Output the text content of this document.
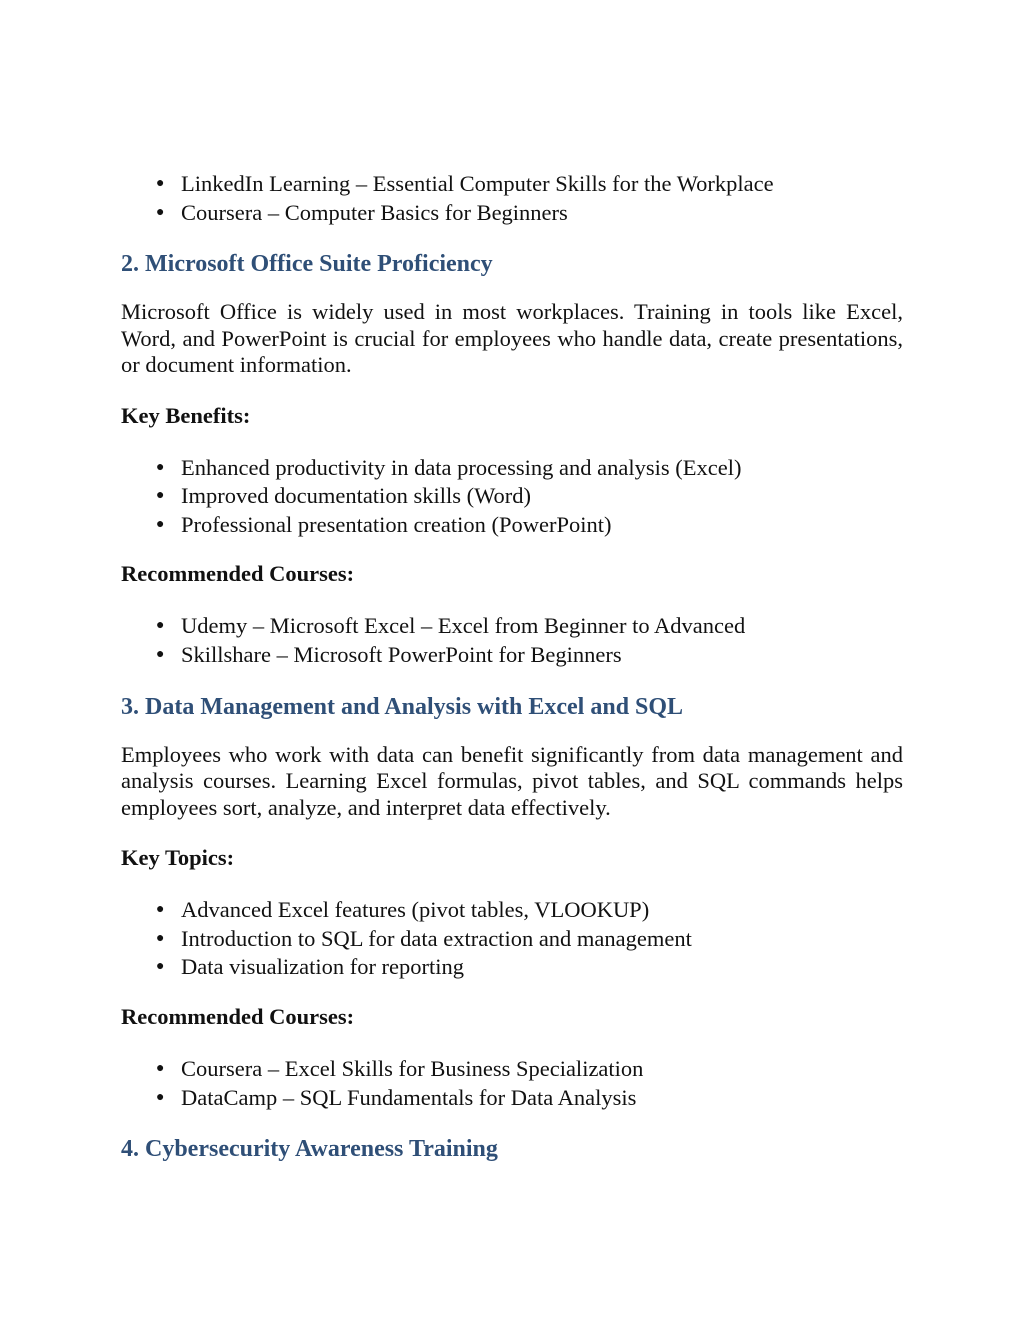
● LinkedIn Learning – Essential Computer Skills for the Workplace
● Coursera – Computer Basics for Beginners
2. Microsoft Office Suite Proficiency

Microsoft Office is widely used in most workplaces. Training in tools like Excel, Word, and PowerPoint is crucial for employees who handle data, create presentations, or document information.

Key Benefits:
● Enhanced productivity in data processing and analysis (Excel)
● Improved documentation skills (Word)
● Professional presentation creation (PowerPoint)
Recommended Courses:
● Udemy – Microsoft Excel – Excel from Beginner to Advanced
● Skillshare – Microsoft PowerPoint for Beginners
3. Data Management and Analysis with Excel and SQL

Employees who work with data can benefit significantly from data management and analysis courses. Learning Excel formulas, pivot tables, and SQL commands helps employees sort, analyze, and interpret data effectively.

Key Topics:
● Advanced Excel features (pivot tables, VLOOKUP)
● Introduction to SQL for data extraction and management
● Data visualization for reporting
Recommended Courses:
● Coursera – Excel Skills for Business Specialization
● DataCamp – SQL Fundamentals for Data Analysis
4. Cybersecurity Awareness Training
